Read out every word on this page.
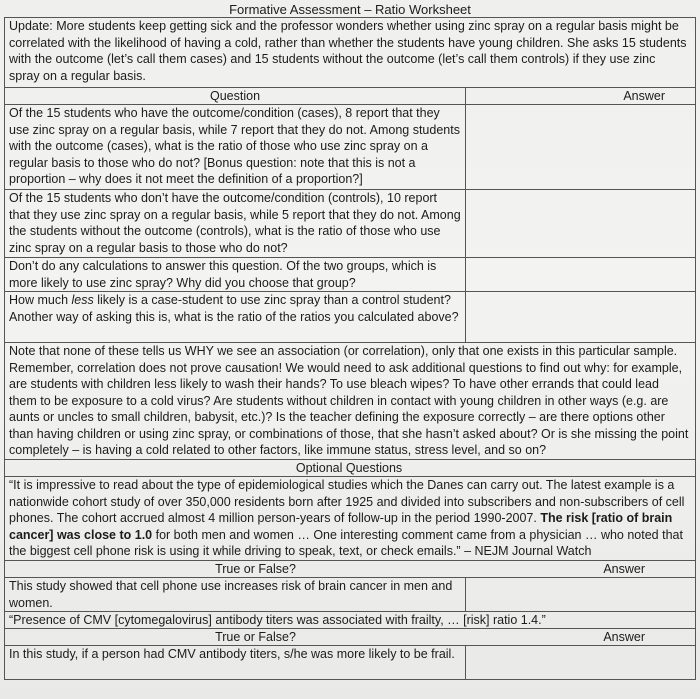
Formative Assessment – Ratio Worksheet
Update: More students keep getting sick and the professor wonders whether using zinc spray on a regular basis might be correlated with the likelihood of having a cold, rather than whether the students have young children. She asks 15 students with the outcome (let’s call them cases) and 15 students without the outcome (let’s call them controls) if they use zinc spray on a regular basis.
Question	Answer
Of the 15 students who have the outcome/condition (cases), 8 report that they use zinc spray on a regular basis, while 7 report that they do not. Among students with the outcome (cases), what is the ratio of those who use zinc spray on a regular basis to those who do not? [Bonus question: note that this is not a proportion – why does it not meet the definition of a proportion?]
Of the 15 students who don’t have the outcome/condition (controls), 10 report that they use zinc spray on a regular basis, while 5 report that they do not. Among the students without the outcome (controls), what is the ratio of those who use zinc spray on a regular basis to those who do not?
Don’t do any calculations to answer this question. Of the two groups, which is more likely to use zinc spray? Why did you choose that group?
How much less likely is a case-student to use zinc spray than a control student? Another way of asking this is, what is the ratio of the ratios you calculated above?
Note that none of these tells us WHY we see an association (or correlation), only that one exists in this particular sample. Remember, correlation does not prove causation! We would need to ask additional questions to find out why: for example, are students with children less likely to wash their hands? To use bleach wipes? To have other errands that could lead them to be exposure to a cold virus? Are students without children in contact with young children in other ways (e.g. are aunts or uncles to small children, babysit, etc.)? Is the teacher defining the exposure correctly – are there options other than having children or using zinc spray, or combinations of those, that she hasn’t asked about? Or is she missing the point completely – is having a cold related to other factors, like immune status, stress level, and so on?
Optional Questions
“It is impressive to read about the type of epidemiological studies which the Danes can carry out. The latest example is a nationwide cohort study of over 350,000 residents born after 1925 and divided into subscribers and non-subscribers of cell phones. The cohort accrued almost 4 million person-years of follow-up in the period 1990-2007. The risk [ratio of brain cancer] was close to 1.0 for both men and women … One interesting comment came from a physician … who noted that the biggest cell phone risk is using it while driving to speak, text, or check emails.” – NEJM Journal Watch
True or False?	Answer
This study showed that cell phone use increases risk of brain cancer in men and women.
“Presence of CMV [cytomegalovirus] antibody titers was associated with frailty, … [risk] ratio 1.4.”
True or False?	Answer
In this study, if a person had CMV antibody titers, s/he was more likely to be frail.
